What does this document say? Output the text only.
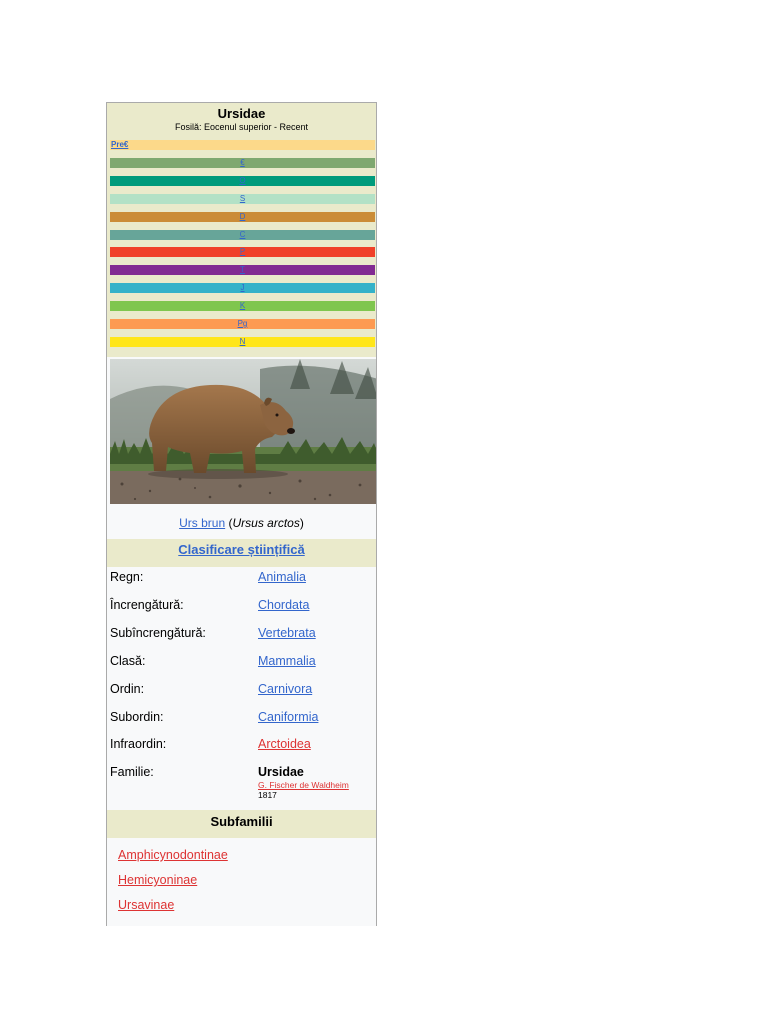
Ursidae
Fosilă: Eocenul superior - Recent
Pre€
€
O
S
D
C
P
T
J
K
Pg
N
Urs brun (Ursus arctos)
Clasificare științifică
Regn:	Animalia
Încrengătură:	Chordata
Subîncrengătură:	Vertebrata
Clasă:	Mammalia
Ordin:	Carnivora
Subordin:	Caniformia
Infraordin:	Arctoidea
Familie:	Ursidae
G. Fischer de Waldheim
1817
Subfamilii
Amphicynodontinae
Hemicyoninae
Ursavinae
